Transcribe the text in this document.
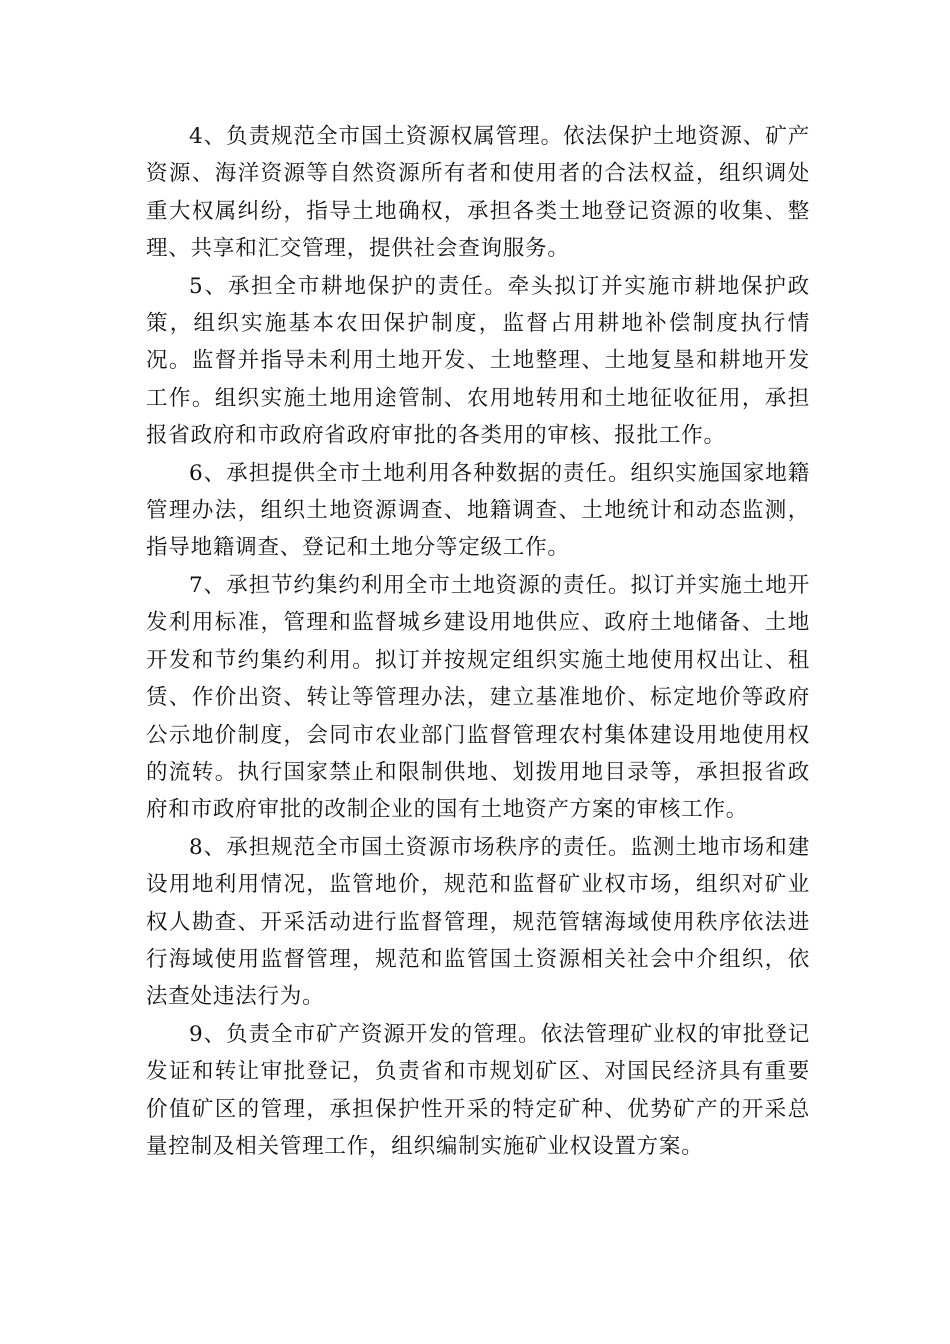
4、负责规范全市国土资源权属管理。依法保护土地资源、矿产资源、海洋资源等自然资源所有者和使用者的合法权益，组织调处重大权属纠纷，指导土地确权，承担各类土地登记资源的收集、整理、共享和汇交管理，提供社会查询服务。

5、承担全市耕地保护的责任。牵头拟订并实施市耕地保护政策，组织实施基本农田保护制度，监督占用耕地补偿制度执行情况。监督并指导未利用土地开发、土地整理、土地复垦和耕地开发工作。组织实施土地用途管制、农用地转用和土地征收征用，承担报省政府和市政府省政府审批的各类用的审核、报批工作。

6、承担提供全市土地利用各种数据的责任。组织实施国家地籍管理办法，组织土地资源调查、地籍调查、土地统计和动态监测，指导地籍调查、登记和土地分等定级工作。

7、承担节约集约利用全市土地资源的责任。拟订并实施土地开发利用标准，管理和监督城乡建设用地供应、政府土地储备、土地开发和节约集约利用。拟订并按规定组织实施土地使用权出让、租赁、作价出资、转让等管理办法，建立基准地价、标定地价等政府公示地价制度，会同市农业部门监督管理农村集体建设用地使用权的流转。执行国家禁止和限制供地、划拨用地目录等，承担报省政府和市政府审批的改制企业的国有土地资产方案的审核工作。

8、承担规范全市国土资源市场秩序的责任。监测土地市场和建设用地利用情况，监管地价，规范和监督矿业权市场，组织对矿业权人勘查、开采活动进行监督管理，规范管辖海域使用秩序依法进行海域使用监督管理，规范和监管国土资源相关社会中介组织，依法查处违法行为。

9、负责全市矿产资源开发的管理。依法管理矿业权的审批登记发证和转让审批登记，负责省和市规划矿区、对国民经济具有重要价值矿区的管理，承担保护性开采的特定矿种、优势矿产的开采总量控制及相关管理工作，组织编制实施矿业权设置方案。
